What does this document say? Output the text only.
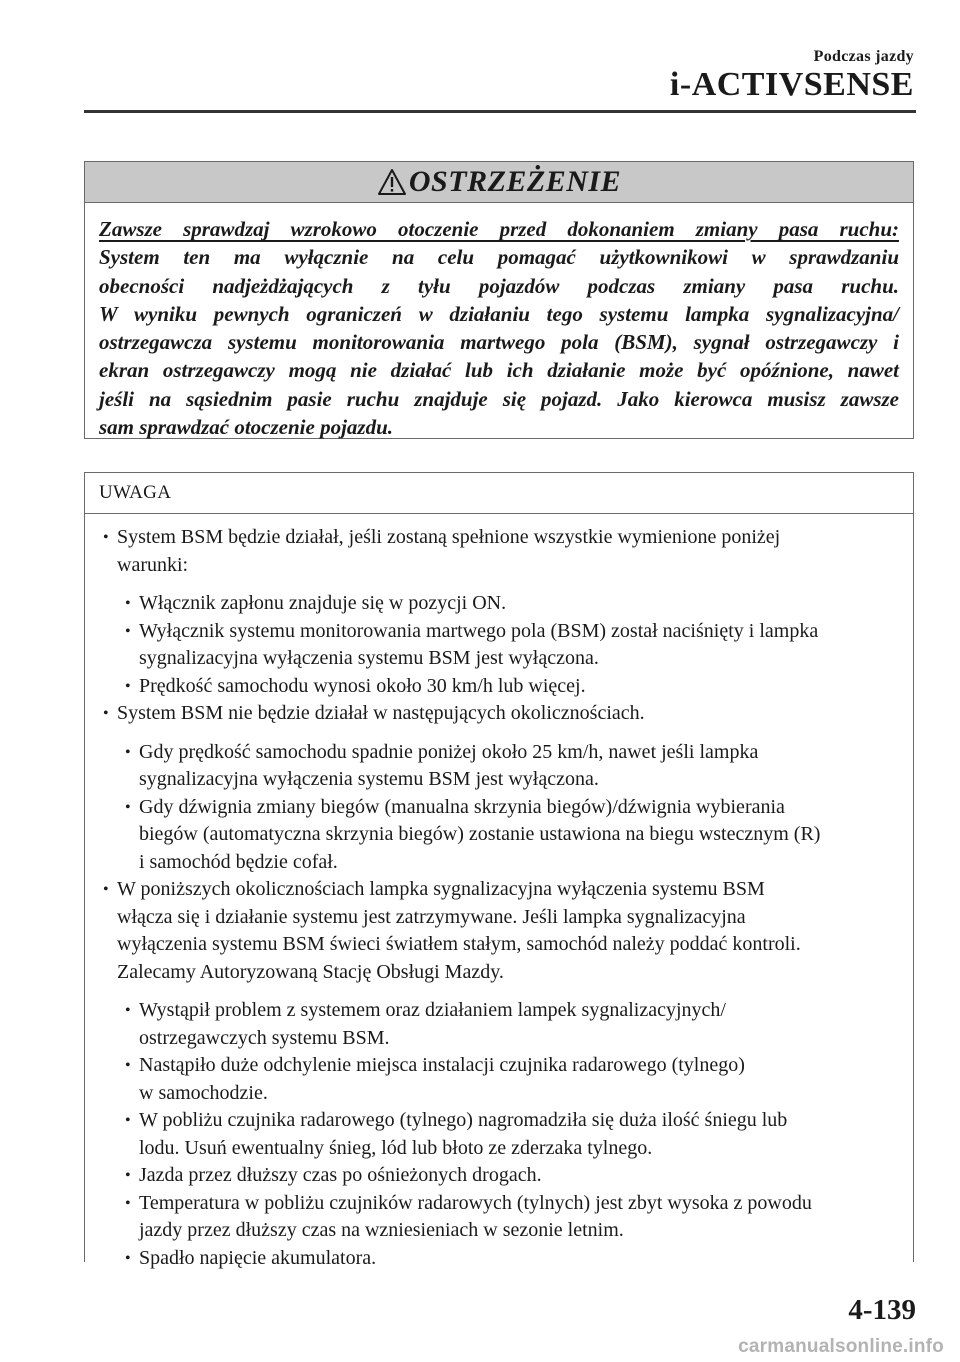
Podczas jazdy
i-ACTIVSENSE
OSTRZEŻENIE
Zawsze sprawdzaj wzrokowo otoczenie przed dokonaniem zmiany pasa ruchu:
System ten ma wyłącznie na celu pomagać użytkownikowi w sprawdzaniu
obecności nadjeżdżających z tyłu pojazdów podczas zmiany pasa ruchu.
W wyniku pewnych ograniczeń w działaniu tego systemu lampka sygnalizacyjna/
ostrzegawcza systemu monitorowania martwego pola (BSM), sygnał ostrzegawczy i
ekran ostrzegawczy mogą nie działać lub ich działanie może być opóźnione, nawet
jeśli na sąsiednim pasie ruchu znajduje się pojazd. Jako kierowca musisz zawsze
sam sprawdzać otoczenie pojazdu.
UWAGA
• System BSM będzie działał, jeśli zostaną spełnione wszystkie wymienione poniżej
warunki:
• Włącznik zapłonu znajduje się w pozycji ON.
• Wyłącznik systemu monitorowania martwego pola (BSM) został naciśnięty i lampka
sygnalizacyjna wyłączenia systemu BSM jest wyłączona.
• Prędkość samochodu wynosi około 30 km/h lub więcej.
• System BSM nie będzie działał w następujących okolicznościach.
• Gdy prędkość samochodu spadnie poniżej około 25 km/h, nawet jeśli lampka
sygnalizacyjna wyłączenia systemu BSM jest wyłączona.
• Gdy dźwignia zmiany biegów (manualna skrzynia biegów)/dźwignia wybierania
biegów (automatyczna skrzynia biegów) zostanie ustawiona na biegu wstecznym (R)
i samochód będzie cofał.
• W poniższych okolicznościach lampka sygnalizacyjna wyłączenia systemu BSM
włącza się i działanie systemu jest zatrzymywane. Jeśli lampka sygnalizacyjna
wyłączenia systemu BSM świeci światłem stałym, samochód należy poddać kontroli.
Zalecamy Autoryzowaną Stację Obsługi Mazdy.
• Wystąpił problem z systemem oraz działaniem lampek sygnalizacyjnych/
ostrzegawczych systemu BSM.
• Nastąpiło duże odchylenie miejsca instalacji czujnika radarowego (tylnego)
w samochodzie.
• W pobliżu czujnika radarowego (tylnego) nagromadziła się duża ilość śniegu lub
lodu. Usuń ewentualny śnieg, lód lub błoto ze zderzaka tylnego.
• Jazda przez dłuższy czas po ośnieżonych drogach.
• Temperatura w pobliżu czujników radarowych (tylnych) jest zbyt wysoka z powodu
jazdy przez dłuższy czas na wzniesieniach w sezonie letnim.
• Spadło napięcie akumulatora.
4-139
carmanualsonline.info
